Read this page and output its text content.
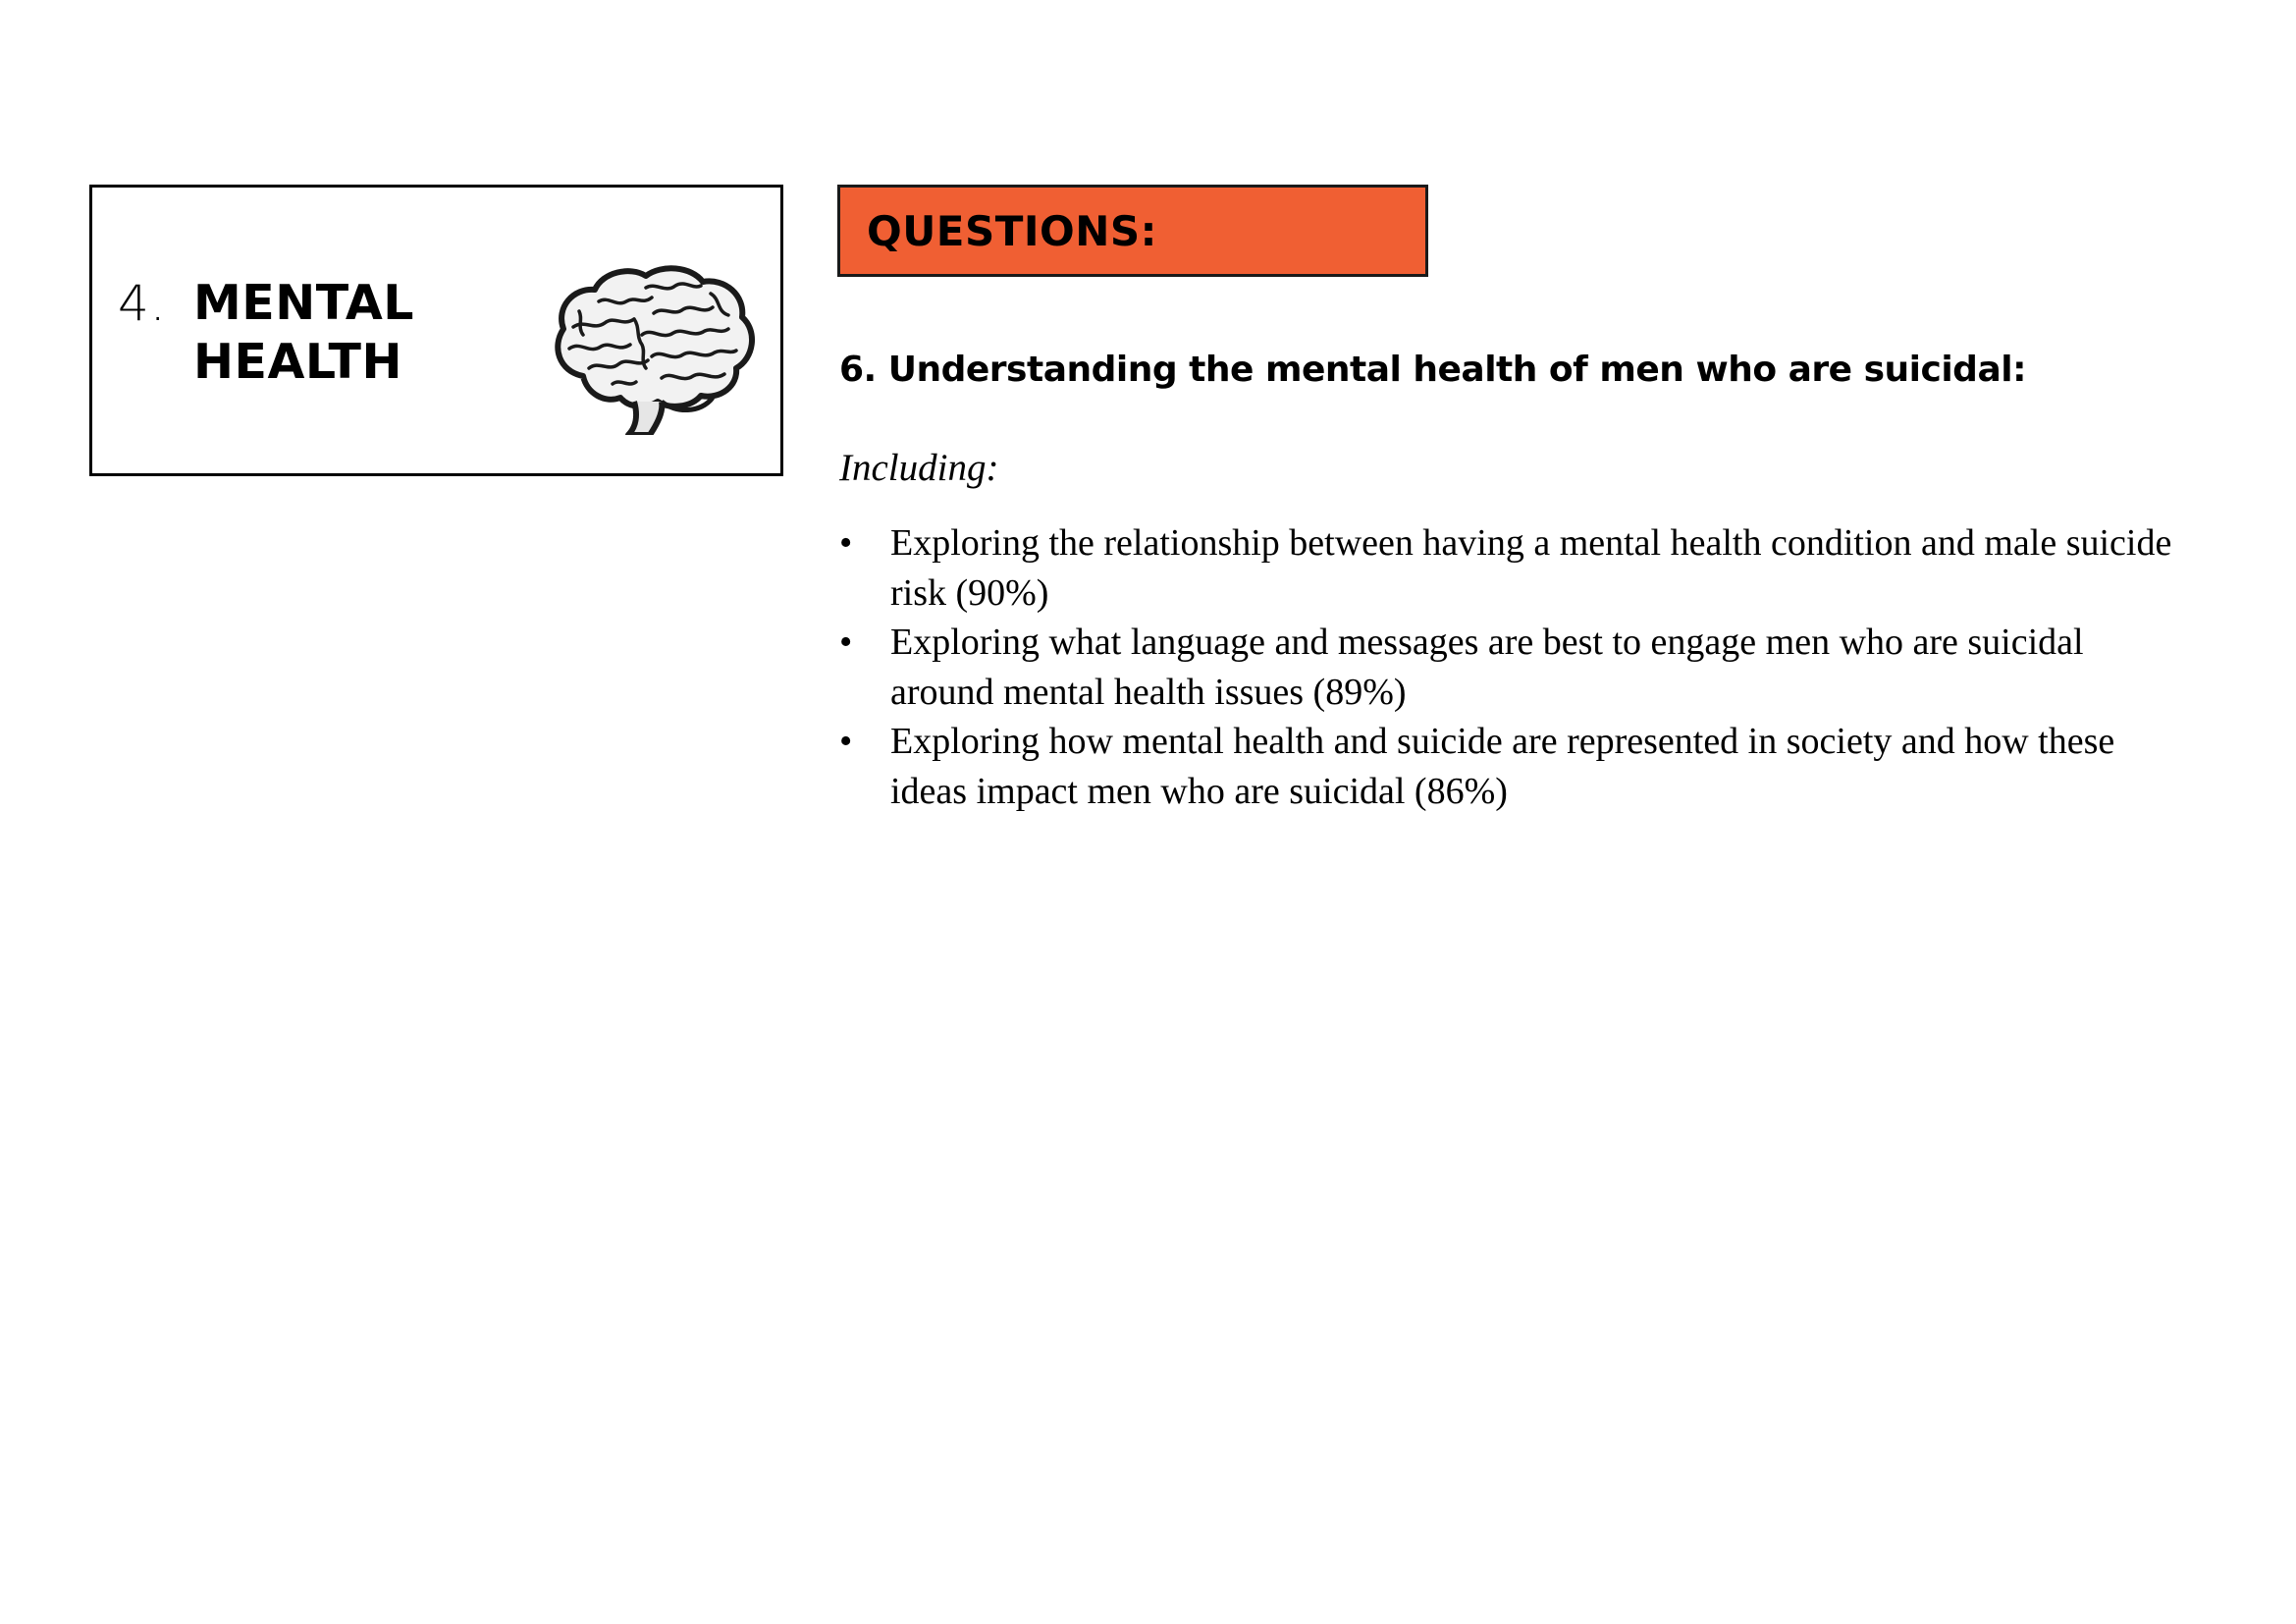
4. MENTAL
HEALTH
QUESTIONS:
6. Understanding the mental health of men who are suicidal:
Including:
• Exploring the relationship between having a mental health condition and male suicide risk (90%)
• Exploring what language and messages are best to engage men who are suicidal around mental health issues (89%)
• Exploring how mental health and suicide are represented in society and how these ideas impact men who are suicidal (86%)
